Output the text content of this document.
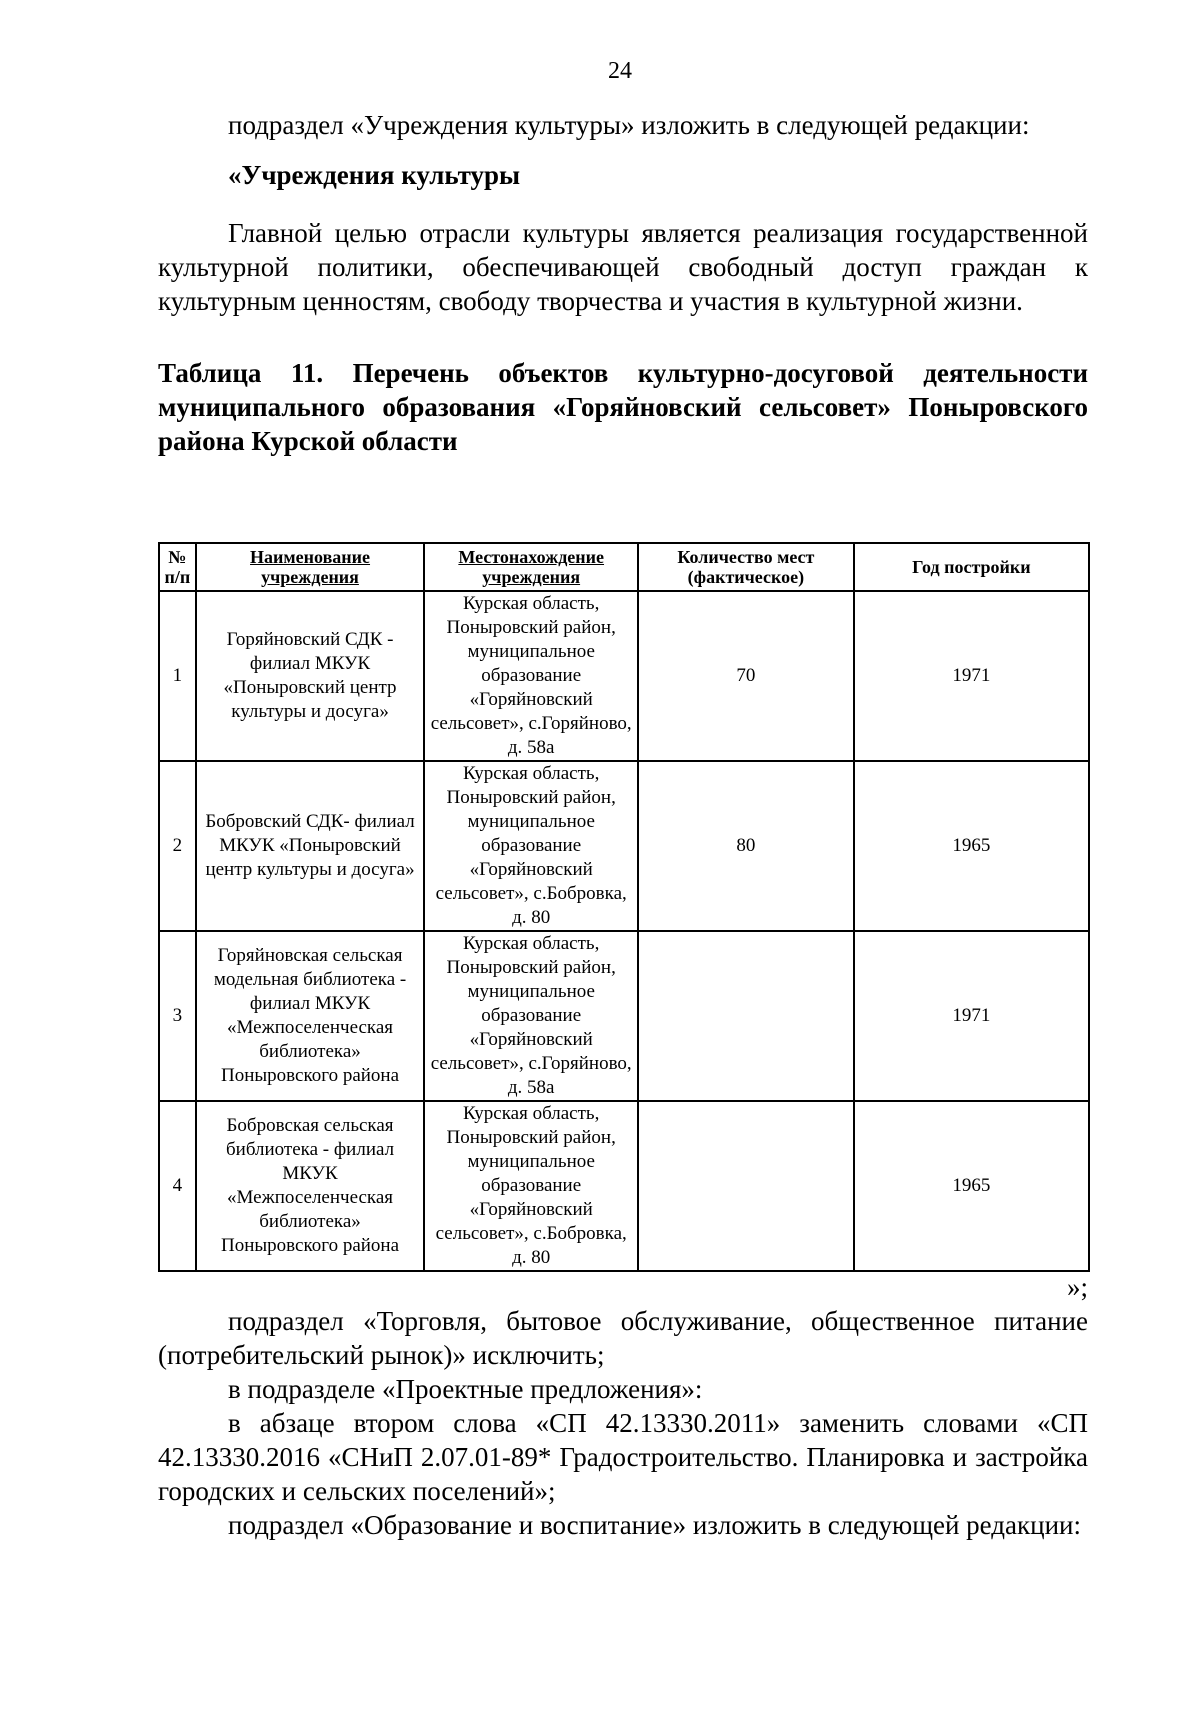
24

подраздел «Учреждения культуры» изложить в следующей редакции:

«Учреждения культуры

Главной целью отрасли культуры является реализация государственной культурной политики, обеспечивающей свободный доступ граждан к культурным ценностям, свободу творчества и участия в культурной жизни.

Таблица 11. Перечень объектов культурно-досуговой деятельности муниципального образования «Горяйновский сельсовет» Поныровского района Курской области

№ п/п	Наименование учреждения	Местонахождение учреждения	Количество мест (фактическое)	Год постройки
1	Горяйновский СДК - филиал МКУК «Поныровский центр культуры и досуга»	Курская область, Поныровский район, муниципальное образование «Горяйновский сельсовет», с.Горяйново, д. 58а	70	1971
2	Бобровский СДК- филиал МКУК «Поныровский центр культуры и досуга»	Курская область, Поныровский район, муниципальное образование «Горяйновский сельсовет», с.Бобровка, д. 80	80	1965
3	Горяйновская сельская модельная библиотека - филиал МКУК «Межпоселенческая библиотека» Поныровского района	Курская область, Поныровский район, муниципальное образование «Горяйновский сельсовет», с.Горяйново, д. 58а		1971
4	Бобровская сельская библиотека - филиал МКУК «Межпоселенческая библиотека» Поныровского района	Курская область, Поныровский район, муниципальное образование «Горяйновский сельсовет», с.Бобровка, д. 80		1965
»;

подраздел «Торговля, бытовое обслуживание, общественное питание (потребительский рынок)» исключить;

в подразделе «Проектные предложения»:

в абзаце втором слова «СП 42.13330.2011» заменить словами «СП 42.13330.2016 «СНиП 2.07.01-89* Градостроительство. Планировка и застройка городских и сельских поселений»;

подраздел «Образование и воспитание» изложить в следующей редакции:
